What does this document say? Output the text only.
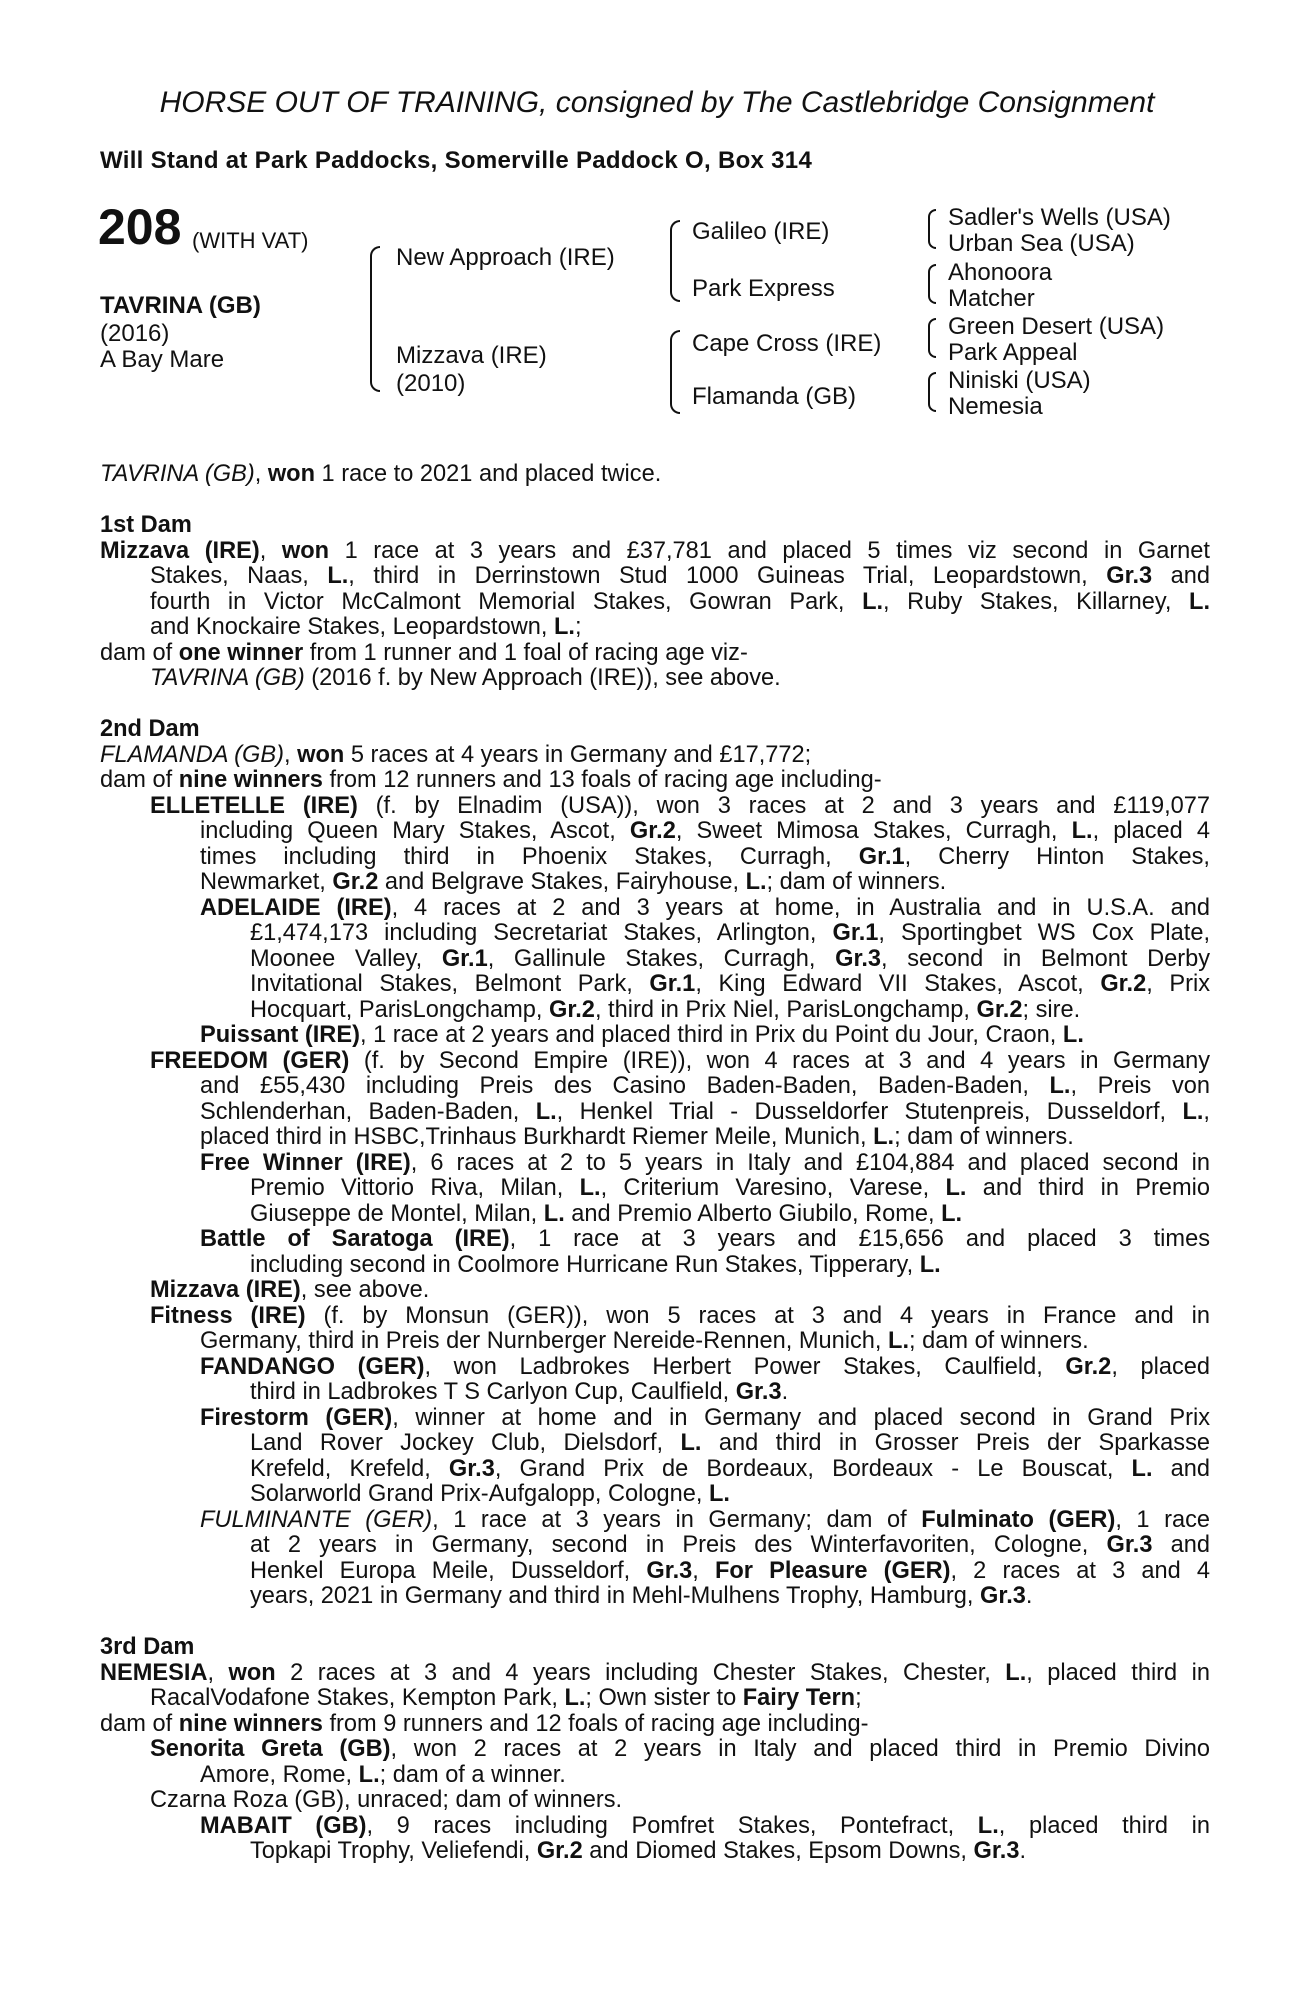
HORSE OUT OF TRAINING, consigned by The Castlebridge Consignment
Will Stand at Park Paddocks, Somerville Paddock O, Box 314
208 (WITH VAT)
TAVRINA (GB)
(2016)
A Bay Mare
New Approach (IRE)
Mizzava (IRE)
(2010)
Galileo (IRE)
Park Express
Cape Cross (IRE)
Flamanda (GB)
Sadler's Wells (USA)
Urban Sea (USA)
Ahonoora
Matcher
Green Desert (USA)
Park Appeal
Niniski (USA)
Nemesia
TAVRINA (GB), won 1 race to 2021 and placed twice.
1st Dam
Mizzava (IRE), won 1 race at 3 years and £37,781 and placed 5 times viz second in Garnet
Stakes, Naas, L., third in Derrinstown Stud 1000 Guineas Trial, Leopardstown, Gr.3 and
fourth in Victor McCalmont Memorial Stakes, Gowran Park, L., Ruby Stakes, Killarney, L.
and Knockaire Stakes, Leopardstown, L.;
dam of one winner from 1 runner and 1 foal of racing age viz-
TAVRINA (GB) (2016 f. by New Approach (IRE)), see above.
2nd Dam
FLAMANDA (GB), won 5 races at 4 years in Germany and £17,772;
dam of nine winners from 12 runners and 13 foals of racing age including-
ELLETELLE (IRE) (f. by Elnadim (USA)), won 3 races at 2 and 3 years and £119,077
including Queen Mary Stakes, Ascot, Gr.2, Sweet Mimosa Stakes, Curragh, L., placed 4
times including third in Phoenix Stakes, Curragh, Gr.1, Cherry Hinton Stakes,
Newmarket, Gr.2 and Belgrave Stakes, Fairyhouse, L.; dam of winners.
ADELAIDE (IRE), 4 races at 2 and 3 years at home, in Australia and in U.S.A. and
£1,474,173 including Secretariat Stakes, Arlington, Gr.1, Sportingbet WS Cox Plate,
Moonee Valley, Gr.1, Gallinule Stakes, Curragh, Gr.3, second in Belmont Derby
Invitational Stakes, Belmont Park, Gr.1, King Edward VII Stakes, Ascot, Gr.2, Prix
Hocquart, ParisLongchamp, Gr.2, third in Prix Niel, ParisLongchamp, Gr.2; sire.
Puissant (IRE), 1 race at 2 years and placed third in Prix du Point du Jour, Craon, L.
FREEDOM (GER) (f. by Second Empire (IRE)), won 4 races at 3 and 4 years in Germany
and £55,430 including Preis des Casino Baden-Baden, Baden-Baden, L., Preis von
Schlenderhan, Baden-Baden, L., Henkel Trial - Dusseldorfer Stutenpreis, Dusseldorf, L.,
placed third in HSBC,Trinhaus Burkhardt Riemer Meile, Munich, L.; dam of winners.
Free Winner (IRE), 6 races at 2 to 5 years in Italy and £104,884 and placed second in
Premio Vittorio Riva, Milan, L., Criterium Varesino, Varese, L. and third in Premio
Giuseppe de Montel, Milan, L. and Premio Alberto Giubilo, Rome, L.
Battle of Saratoga (IRE), 1 race at 3 years and £15,656 and placed 3 times
including second in Coolmore Hurricane Run Stakes, Tipperary, L.
Mizzava (IRE), see above.
Fitness (IRE) (f. by Monsun (GER)), won 5 races at 3 and 4 years in France and in
Germany, third in Preis der Nurnberger Nereide-Rennen, Munich, L.; dam of winners.
FANDANGO (GER), won Ladbrokes Herbert Power Stakes, Caulfield, Gr.2, placed
third in Ladbrokes T S Carlyon Cup, Caulfield, Gr.3.
Firestorm (GER), winner at home and in Germany and placed second in Grand Prix
Land Rover Jockey Club, Dielsdorf, L. and third in Grosser Preis der Sparkasse
Krefeld, Krefeld, Gr.3, Grand Prix de Bordeaux, Bordeaux - Le Bouscat, L. and
Solarworld Grand Prix-Aufgalopp, Cologne, L.
FULMINANTE (GER), 1 race at 3 years in Germany; dam of Fulminato (GER), 1 race
at 2 years in Germany, second in Preis des Winterfavoriten, Cologne, Gr.3 and
Henkel Europa Meile, Dusseldorf, Gr.3, For Pleasure (GER), 2 races at 3 and 4
years, 2021 in Germany and third in Mehl-Mulhens Trophy, Hamburg, Gr.3.
3rd Dam
NEMESIA, won 2 races at 3 and 4 years including Chester Stakes, Chester, L., placed third in
RacalVodafone Stakes, Kempton Park, L.; Own sister to Fairy Tern;
dam of nine winners from 9 runners and 12 foals of racing age including-
Senorita Greta (GB), won 2 races at 2 years in Italy and placed third in Premio Divino
Amore, Rome, L.; dam of a winner.
Czarna Roza (GB), unraced; dam of winners.
MABAIT (GB), 9 races including Pomfret Stakes, Pontefract, L., placed third in
Topkapi Trophy, Veliefendi, Gr.2 and Diomed Stakes, Epsom Downs, Gr.3.
